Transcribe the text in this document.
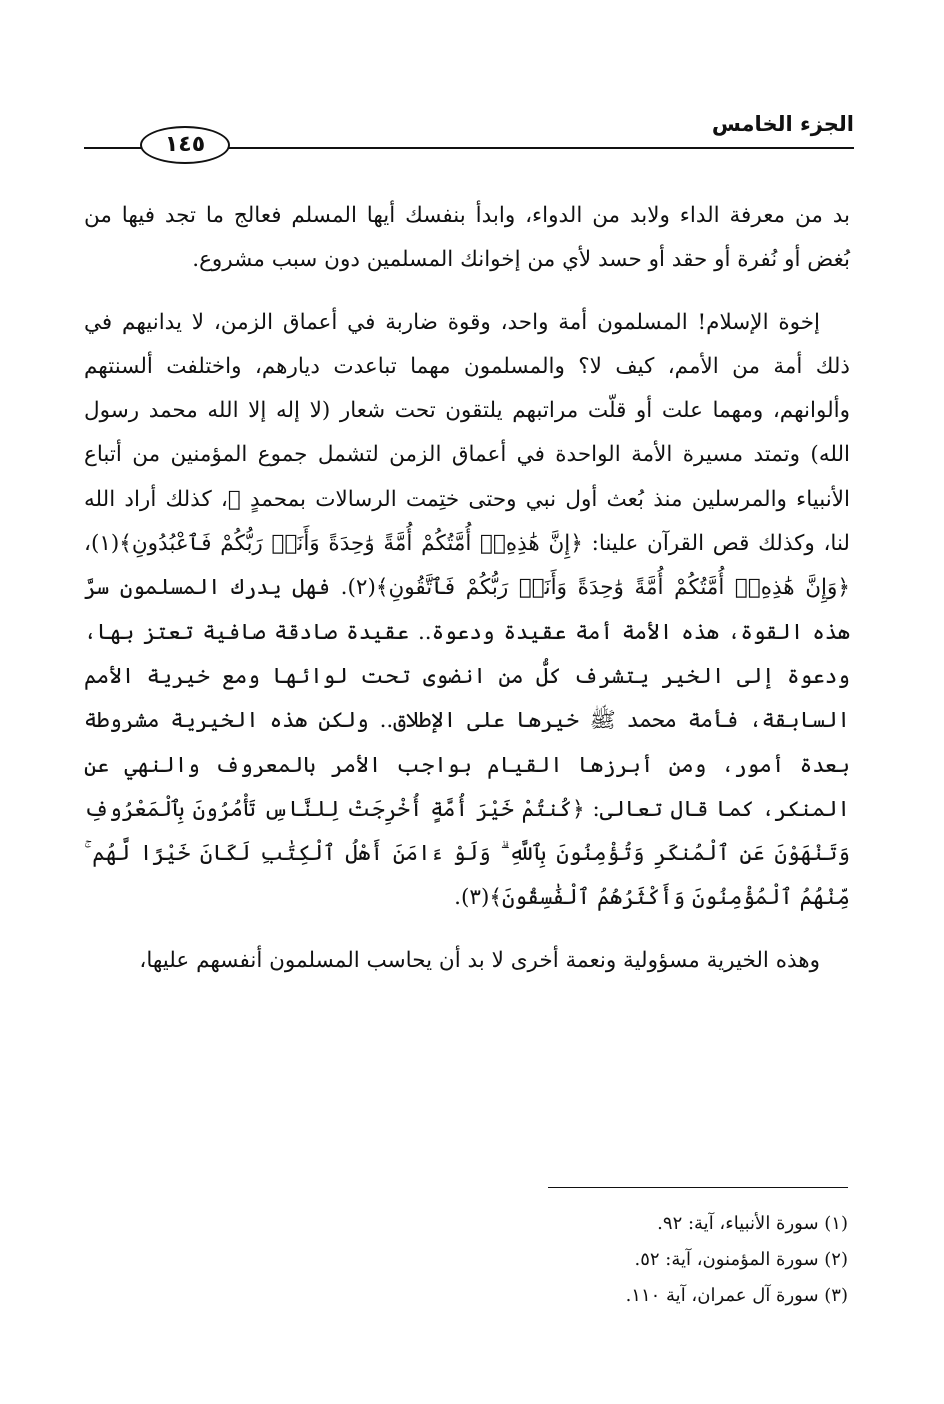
الجزء الخامس
١٤٥

بد من معرفة الداء ولابد من الدواء، وابدأ بنفسك أيها المسلم فعالج ما تجد فيها من بُغض أو نُفرة أو حقد أو حسد لأي من إخوانك المسلمين دون سبب مشروع.

إخوة الإسلام! المسلمون أمة واحد، وقوة ضاربة في أعماق الزمن، لا يدانيهم في ذلك أمة من الأمم، كيف لا؟ والمسلمون مهما تباعدت ديارهم، واختلفت ألسنتهم وألوانهم، ومهما علت أو قلّت مراتبهم يلتقون تحت شعار (لا إله إلا الله محمد رسول الله) وتمتد مسيرة الأمة الواحدة في أعماق الزمن لتشمل جموع المؤمنين من أتباع الأنبياء والمرسلين منذ بُعث أول نبي وحتى ختِمت الرسالات بمحمدٍ ﷺ، كذلك أراد الله لنا، وكذلك قص القرآن علينا: ﴿إِنَّ هَٰذِهِۦٓ أُمَّتُكُمْ أُمَّةً وَٰحِدَةً وَأَنَا۠ رَبُّكُمْ فَٱعْبُدُونِ﴾(١)، ﴿وَإِنَّ هَٰذِهِۦٓ أُمَّتُكُمْ أُمَّةً وَٰحِدَةً وَأَنَا۠ رَبُّكُمْ فَٱتَّقُونِ﴾(٢). فهل يدرك المسلمون سرَّ هذه القوة، هذه الأمة أمة عقيدة ودعوة.. عقيدة صادقة صافية تعتز بها، ودعوة إلى الخير يتشرف كلُّ من انضوى تحت لوائها ومع خيرية الأمم السابقة، فأمة محمد ﷺ خيرها على الإطلاق.. ولكن هذه الخيرية مشروطة بعدة أمور، ومن أبرزها القيام بواجب الأمر بالمعروف والنهي عن المنكر، كما قال تعالى: ﴿كُنتُمْ خَيْرَ أُمَّةٍ أُخْرِجَتْ لِلنَّاسِ تَأْمُرُونَ بِٱلْمَعْرُوفِ وَتَنْهَوْنَ عَنِ ٱلْمُنكَرِ وَتُؤْمِنُونَ بِٱللَّهِ ۗ وَلَوْ ءَامَنَ أَهْلُ ٱلْكِتَٰبِ لَكَانَ خَيْرًا لَّهُم ۚ مِّنْهُمُ ٱلْمُؤْمِنُونَ وَأَكْثَرُهُمُ ٱلْفَٰسِقُونَ﴾(٣).

وهذه الخيرية مسؤولية ونعمة أخرى لا بد أن يحاسب المسلمون أنفسهم عليها،

(١) سورة الأنبياء، آية: ٩٢.
(٢) سورة المؤمنون، آية: ٥٢.
(٣) سورة آل عمران، آية ١١٠.
